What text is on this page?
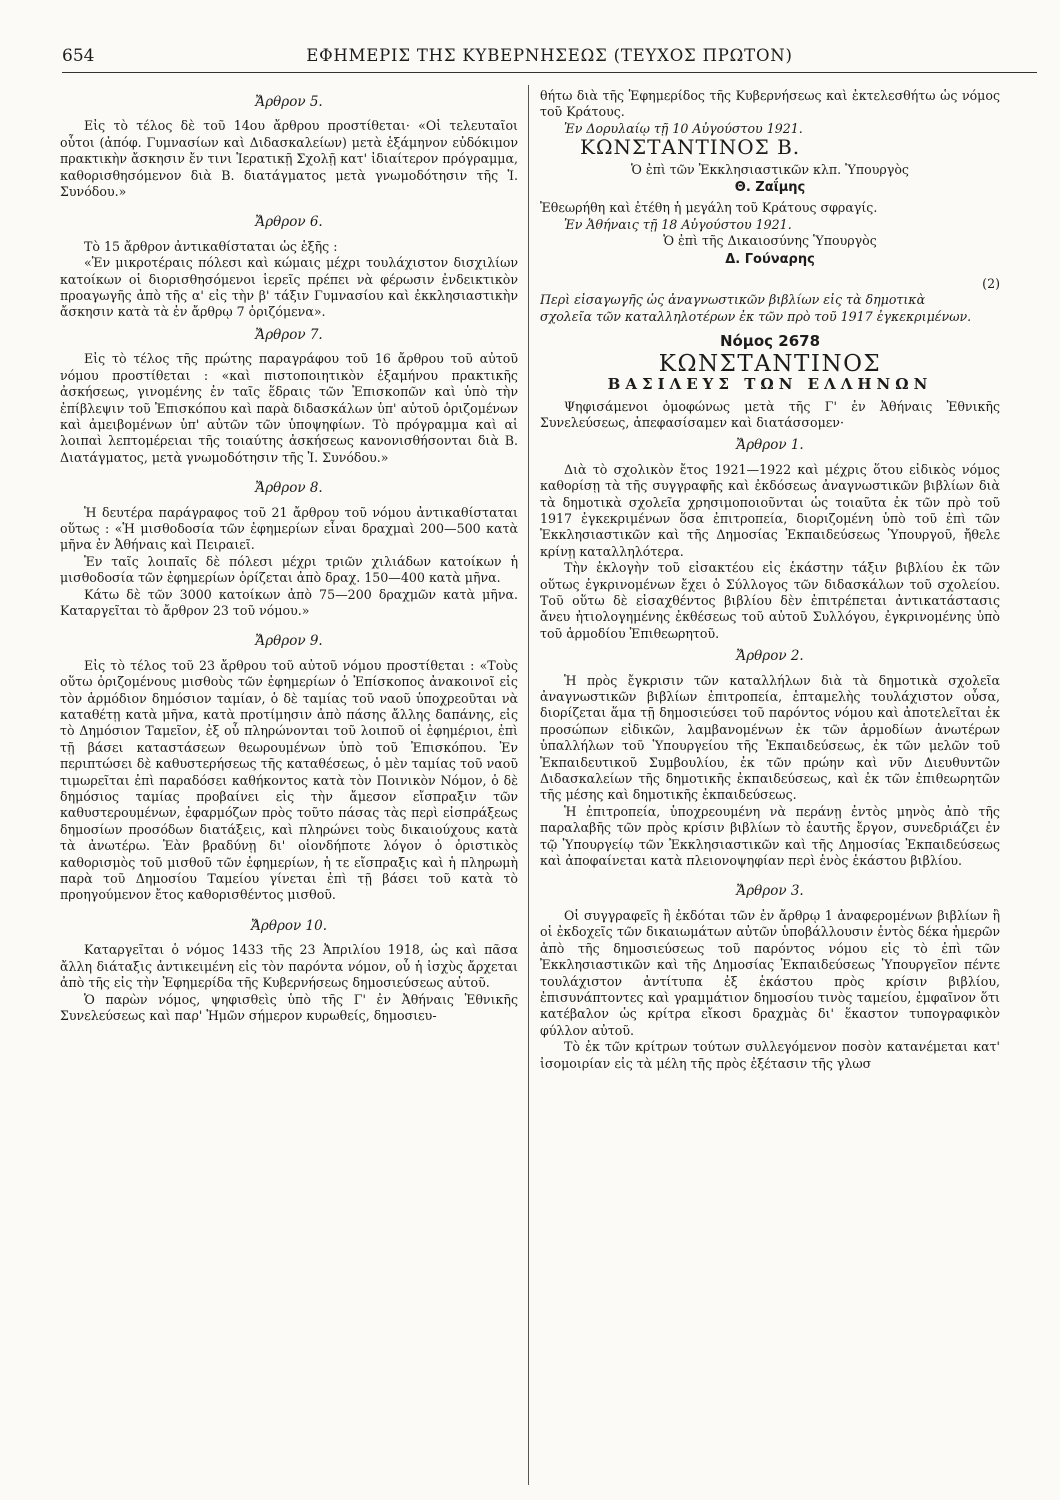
654	ΕΦΗΜΕΡΙΣ ΤΗΣ ΚΥΒΕΡΝΗΣΕΩΣ (ΤΕΥΧΟΣ ΠΡΩΤΟΝ)
Ἄρθρον 5.

Εἰς τὸ τέλος δὲ τοῦ 14ου ἄρθρου προστίθεται· «Οἱ τελευταῖοι οὗτοι (ἀπόφ. Γυμνασίων καὶ Διδασκαλείων) μετὰ ἑξάμηνον εὐδόκιμον πρακτικὴν ἄσκησιν ἔν τινι Ἱερατικῇ Σχολῇ κατ' ἰδιαίτερον πρόγραμμα, καθορισθησόμενον διὰ Β. διατάγματος μετὰ γνωμοδότησιν τῆς Ἱ. Συνόδου.»

Ἄρθρον 6.

Τὸ 15 ἄρθρον ἀντικαθίσταται ὡς ἑξῆς :

«Ἐν μικροτέραις πόλεσι καὶ κώμαις μέχρι τουλάχιστον δισχιλίων κατοίκων οἱ διορισθησόμενοι ἱερεῖς πρέπει νὰ φέρωσιν ἐνδεικτικὸν προαγωγῆς ἀπὸ τῆς α' εἰς τὴν β' τάξιν Γυμνασίου καὶ ἐκκλησιαστικὴν ἄσκησιν κατὰ τὰ ἐν ἄρθρῳ 7 ὁριζόμενα».

Ἄρθρον 7.

Εἰς τὸ τέλος τῆς πρώτης παραγράφου τοῦ 16 ἄρθρου τοῦ αὐτοῦ νόμου προστίθεται : «καὶ πιστοποιητικὸν ἑξαμήνου πρακτικῆς ἀσκήσεως, γινομένης ἐν ταῖς ἕδραις τῶν Ἐπισκοπῶν καὶ ὑπὸ τὴν ἐπίβλεψιν τοῦ Ἐπισκόπου καὶ παρὰ διδασκάλων ὑπ' αὐτοῦ ὁριζομένων καὶ ἀμειβομένων ὑπ' αὐτῶν τῶν ὑποψηφίων. Τὸ πρόγραμμα καὶ αἱ λοιπαὶ λεπτομέρειαι τῆς τοιαύτης ἀσκήσεως κανονισθήσονται διὰ Β. Διατάγματος, μετὰ γνωμοδότησιν τῆς Ἱ. Συνόδου.»

Ἄρθρον 8.

Ἡ δευτέρα παράγραφος τοῦ 21 ἄρθρου τοῦ νόμου ἀντικαθίσταται οὕτως : «Ἡ μισθοδοσία τῶν ἐφημερίων εἶναι δραχμαὶ 200—500 κατὰ μῆνα ἐν Ἀθήναις καὶ Πειραιεῖ.

Ἐν ταῖς λοιπαῖς δὲ πόλεσι μέχρι τριῶν χιλιάδων κατοίκων ἡ μισθοδοσία τῶν ἐφημερίων ὁρίζεται ἀπὸ δραχ. 150—400 κατὰ μῆνα.

Κάτω δὲ τῶν 3000 κατοίκων ἀπὸ 75—200 δραχμῶν κατὰ μῆνα. Καταργεῖται τὸ ἄρθρον 23 τοῦ νόμου.»

Ἄρθρον 9.

Εἰς τὸ τέλος τοῦ 23 ἄρθρου τοῦ αὐτοῦ νόμου προστίθεται : «Τοὺς οὕτω ὁριζομένους μισθοὺς τῶν ἐφημερίων ὁ Ἐπίσκοπος ἀνακοινοῖ εἰς τὸν ἁρμόδιον δημόσιον ταμίαν, ὁ δὲ ταμίας τοῦ ναοῦ ὑποχρεοῦται νὰ καταθέτῃ κατὰ μῆνα, κατὰ προτίμησιν ἀπὸ πάσης ἄλλης δαπάνης, εἰς τὸ Δημόσιον Ταμεῖον, ἐξ οὗ πληρώνονται τοῦ λοιποῦ οἱ ἐφημέριοι, ἐπὶ τῇ βάσει καταστάσεων θεωρουμένων ὑπὸ τοῦ Ἐπισκόπου. Ἐν περιπτώσει δὲ καθυστερήσεως τῆς καταθέσεως, ὁ μὲν ταμίας τοῦ ναοῦ τιμωρεῖται ἐπὶ παραδόσει καθήκοντος κατὰ τὸν Ποινικὸν Νόμον, ὁ δὲ δημόσιος ταμίας προβαίνει εἰς τὴν ἄμεσον εἴσπραξιν τῶν καθυστερουμένων, ἐφαρμόζων πρὸς τοῦτο πάσας τὰς περὶ εἰσπράξεως δημοσίων προσόδων διατάξεις, καὶ πληρώνει τοὺς δικαιούχους κατὰ τὰ ἀνωτέρω. Ἐὰν βραδύνῃ δι' οἱονδήποτε λόγον ὁ ὁριστικὸς καθορισμὸς τοῦ μισθοῦ τῶν ἐφημερίων, ἡ τε εἴσπραξις καὶ ἡ πληρωμὴ παρὰ τοῦ Δημοσίου Ταμείου γίνεται ἐπὶ τῇ βάσει τοῦ κατὰ τὸ προηγούμενον ἔτος καθορισθέντος μισθοῦ.

Ἄρθρον 10.

Καταργεῖται ὁ νόμος 1433 τῆς 23 Ἀπριλίου 1918, ὡς καὶ πᾶσα ἄλλη διάταξις ἀντικειμένη εἰς τὸν παρόντα νόμον, οὗ ἡ ἰσχὺς ἄρχεται ἀπὸ τῆς εἰς τὴν Ἐφημερίδα τῆς Κυβερνήσεως δημοσιεύσεως αὐτοῦ.

Ὁ παρὼν νόμος, ψηφισθεὶς ὑπὸ τῆς Γ' ἐν Ἀθήναις Ἐθνικῆς Συνελεύσεως καὶ παρ' Ἡμῶν σήμερον κυρωθείς, δημοσιευ-

θήτω διὰ τῆς Ἐφημερίδος τῆς Κυβερνήσεως καὶ ἐκτελεσθήτω ὡς νόμος τοῦ Κράτους.

Ἐν Δορυλαίῳ τῇ 10 Αὐγούστου 1921.

ΚΩΝΣΤΑΝΤΙΝΟΣ Β.

Ὁ ἐπὶ τῶν Ἐκκλησιαστικῶν κλπ. Ὑπουργὸς

Θ. Ζαΐμης

Ἐθεωρήθη καὶ ἐτέθη ἡ μεγάλη τοῦ Κράτους σφραγίς.

Ἐν Ἀθήναις τῇ 18 Αὐγούστου 1921.

Ὁ ἐπὶ τῆς Δικαιοσύνης Ὑπουργὸς

Δ. Γούναρης

(2)

Περὶ εἰσαγωγῆς ὡς ἀναγνωστικῶν βιβλίων εἰς τὰ δημοτικὰ σχολεῖα τῶν καταλληλοτέρων ἐκ τῶν πρὸ τοῦ 1917 ἐγκεκριμένων.

Νόμος 2678
ΚΩΝΣΤΑΝΤΙΝΟΣ
ΒΑΣΙΛΕΥΣ ΤΩΝ ΕΛΛΗΝΩΝ

Ψηφισάμενοι ὁμοφώνως μετὰ τῆς Γ' ἐν Ἀθήναις Ἐθνικῆς Συνελεύσεως, ἀπεφασίσαμεν καὶ διατάσσομεν·

Ἄρθρον 1.

Διὰ τὸ σχολικὸν ἔτος 1921—1922 καὶ μέχρις ὅτου εἰδικὸς νόμος καθορίσῃ τὰ τῆς συγγραφῆς καὶ ἐκδόσεως ἀναγνωστικῶν βιβλίων διὰ τὰ δημοτικὰ σχολεῖα χρησιμοποιοῦνται ὡς τοιαῦτα ἐκ τῶν πρὸ τοῦ 1917 ἐγκεκριμένων ὅσα ἐπιτροπεία, διοριζομένη ὑπὸ τοῦ ἐπὶ τῶν Ἐκκλησιαστικῶν καὶ τῆς Δημοσίας Ἐκπαιδεύσεως Ὑπουργοῦ, ἤθελε κρίνῃ καταλληλότερα.

Τὴν ἐκλογὴν τοῦ εἰσακτέου εἰς ἑκάστην τάξιν βιβλίου ἐκ τῶν οὕτως ἐγκρινομένων ἔχει ὁ Σύλλογος τῶν διδασκάλων τοῦ σχολείου. Τοῦ οὕτω δὲ εἰσαχθέντος βιβλίου δὲν ἐπιτρέπεται ἀντικατάστασις ἄνευ ἠτιολογημένης ἐκθέσεως τοῦ αὐτοῦ Συλλόγου, ἐγκρινομένης ὑπὸ τοῦ ἁρμοδίου Ἐπιθεωρητοῦ.

Ἄρθρον 2.

Ἡ πρὸς ἔγκρισιν τῶν καταλλήλων διὰ τὰ δημοτικὰ σχολεῖα ἀναγνωστικῶν βιβλίων ἐπιτροπεία, ἑπταμελὴς τουλάχιστον οὖσα, διορίζεται ἅμα τῇ δημοσιεύσει τοῦ παρόντος νόμου καὶ ἀποτελεῖται ἐκ προσώπων εἰδικῶν, λαμβανομένων ἐκ τῶν ἁρμοδίων ἀνωτέρων ὑπαλλήλων τοῦ Ὑπουργείου τῆς Ἐκπαιδεύσεως, ἐκ τῶν μελῶν τοῦ Ἐκπαιδευτικοῦ Συμβουλίου, ἐκ τῶν πρώην καὶ νῦν Διευθυντῶν Διδασκαλείων τῆς δημοτικῆς ἐκπαιδεύσεως, καὶ ἐκ τῶν ἐπιθεωρητῶν τῆς μέσης καὶ δημοτικῆς ἐκπαιδεύσεως.

Ἡ ἐπιτροπεία, ὑποχρεουμένη νὰ περάνῃ ἐντὸς μηνὸς ἀπὸ τῆς παραλαβῆς τῶν πρὸς κρίσιν βιβλίων τὸ ἑαυτῆς ἔργον, συνεδριάζει ἐν τῷ Ὑπουργείῳ τῶν Ἐκκλησιαστικῶν καὶ τῆς Δημοσίας Ἐκπαιδεύσεως καὶ ἀποφαίνεται κατὰ πλειονοψηφίαν περὶ ἑνὸς ἑκάστου βιβλίου.

Ἄρθρον 3.

Οἱ συγγραφεῖς ἢ ἐκδόται τῶν ἐν ἄρθρῳ 1 ἀναφερομένων βιβλίων ἢ οἱ ἐκδοχεῖς τῶν δικαιωμάτων αὐτῶν ὑποβάλλουσιν ἐντὸς δέκα ἡμερῶν ἀπὸ τῆς δημοσιεύσεως τοῦ παρόντος νόμου εἰς τὸ ἐπὶ τῶν Ἐκκλησιαστικῶν καὶ τῆς Δημοσίας Ἐκπαιδεύσεως Ὑπουργεῖον πέντε τουλάχιστον ἀντίτυπα ἐξ ἑκάστου πρὸς κρίσιν βιβλίου, ἐπισυνάπτοντες καὶ γραμμάτιον δημοσίου τινὸς ταμείου, ἐμφαῖνον ὅτι κατέβαλον ὡς κρίτρα εἴκοσι δραχμὰς δι' ἕκαστον τυπογραφικὸν φύλλον αὐτοῦ.

Τὸ ἐκ τῶν κρίτρων τούτων συλλεγόμενον ποσὸν κατανέμεται κατ' ἰσομοιρίαν εἰς τὰ μέλη τῆς πρὸς ἐξέτασιν τῆς γλωσ
